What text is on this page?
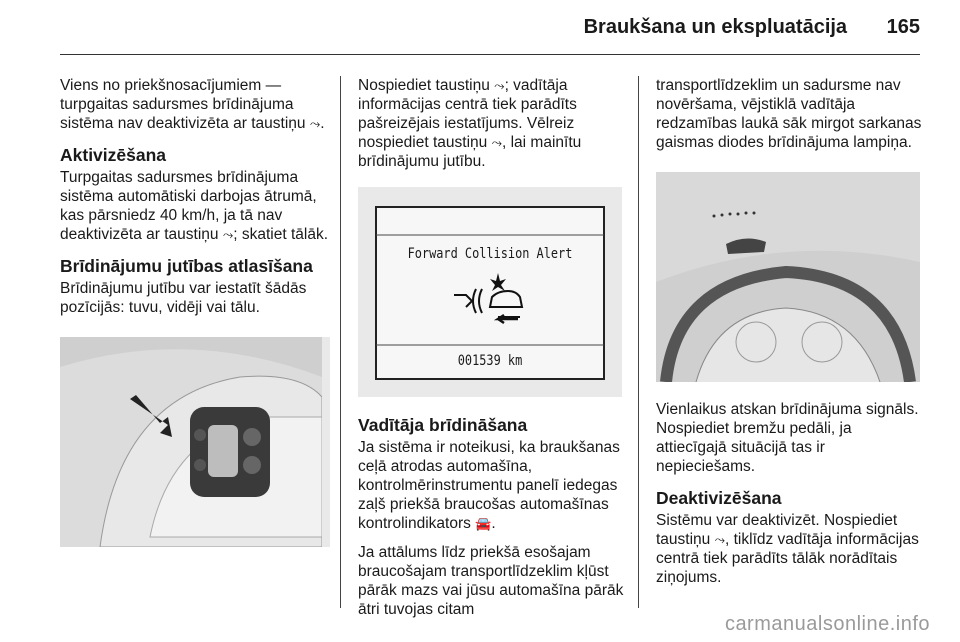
Braukšana un ekspluatācija 165

Viens no priekšnosacījumiem — turpgaitas sadursmes brīdinājuma sistēma nav deaktivizēta ar taustiņu ⤳.

Aktivizēšana

Turpgaitas sadursmes brīdinājuma sistēma automātiski darbojas ātrumā, kas pārsniedz 40 km/h, ja tā nav deaktivizēta ar taustiņu ⤳; skatiet tālāk.

Brīdinājumu jutības atlasīšana

Brīdinājumu jutību var iestatīt šādās pozīcijās: tuvu, vidēji vai tālu.

Nospiediet taustiņu ⤳; vadītāja informācijas centrā tiek parādīts pašreizējais iestatījums. Vēlreiz nospiediet taustiņu ⤳, lai mainītu brīdinājumu jutību.

Forward Collision Alert
001539 km
Vadītāja brīdināšana

Ja sistēma ir noteikusi, ka braukšanas ceļā atrodas automašīna, kontrolmērinstrumentu panelī iedegas zaļš priekšā braucošas automašīnas kontrolindikators 🚘.

Ja attālums līdz priekšā esošajam braucošajam transportlīdzeklim kļūst pārāk mazs vai jūsu automašīna pārāk ātri tuvojas citam

transportlīdzeklim un sadursme nav novēršama, vējstiklā vadītāja redzamības laukā sāk mirgot sarkanas gaismas diodes brīdinājuma lampiņa.

Vienlaikus atskan brīdinājuma signāls. Nospiediet bremžu pedāli, ja attiecīgajā situācijā tas ir nepieciešams.

Deaktivizēšana

Sistēmu var deaktivizēt. Nospiediet taustiņu ⤳, tiklīdz vadītāja informācijas centrā tiek parādīts tālāk norādītais ziņojums.

carmanualsonline.info
